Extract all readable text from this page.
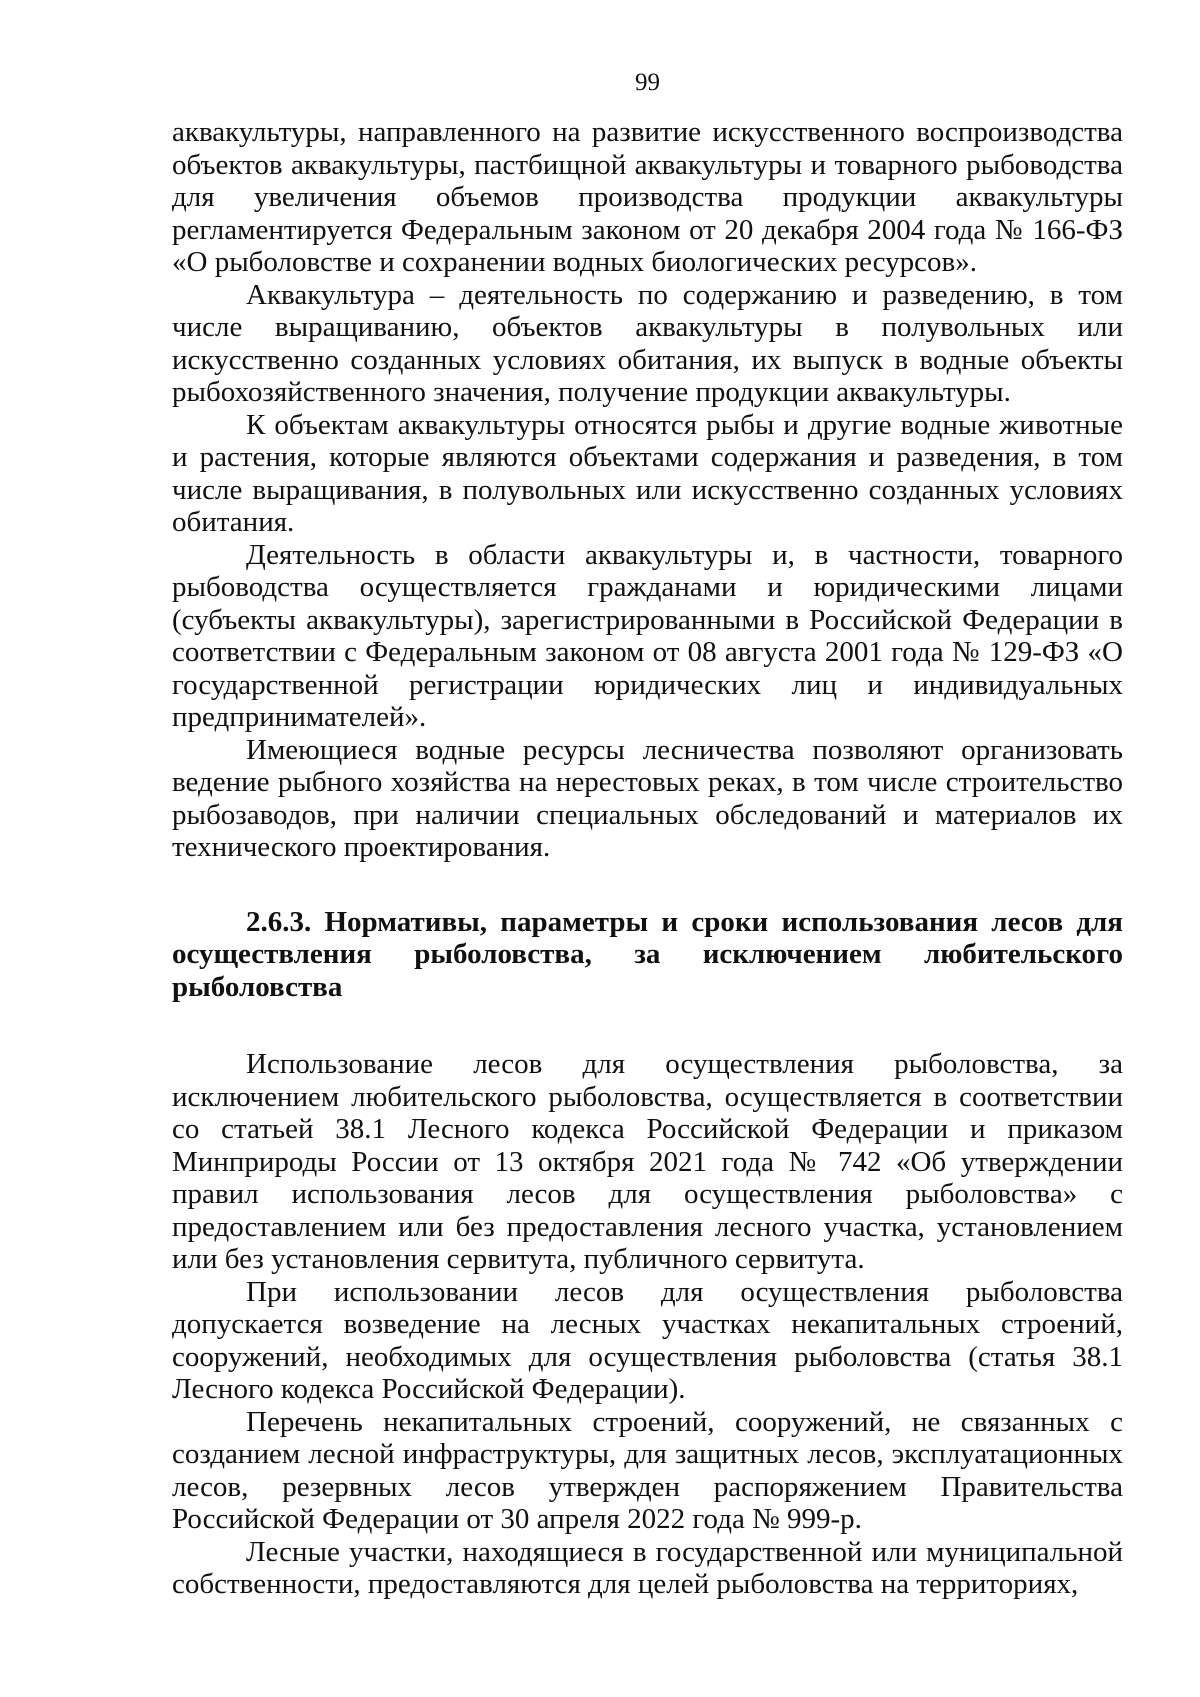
99

аквакультуры, направленного на развитие искусственного воспроизводства объектов аквакультуры, пастбищной аквакультуры и товарного рыбоводства для увеличения объемов производства продукции аквакультуры регламентируется Федеральным законом от 20 декабря 2004 года № 166-ФЗ «О рыболовстве и сохранении водных биологических ресурсов».

Аквакультура – деятельность по содержанию и разведению, в том числе выращиванию, объектов аквакультуры в полувольных или искусственно созданных условиях обитания, их выпуск в водные объекты рыбохозяйственного значения, получение продукции аквакультуры.

К объектам аквакультуры относятся рыбы и другие водные животные и растения, которые являются объектами содержания и разведения, в том числе выращивания, в полувольных или искусственно созданных условиях обитания.

Деятельность в области аквакультуры и, в частности, товарного рыбоводства осуществляется гражданами и юридическими лицами (субъекты аквакультуры), зарегистрированными в Российской Федерации в соответствии с Федеральным законом от 08 августа 2001 года № 129-ФЗ «О государственной регистрации юридических лиц и индивидуальных предпринимателей».

Имеющиеся водные ресурсы лесничества позволяют организовать ведение рыбного хозяйства на нерестовых реках, в том числе строительство рыбозаводов, при наличии специальных обследований и материалов их технического проектирования.

2.6.3. Нормативы, параметры и сроки использования лесов для осуществления рыболовства, за исключением любительского рыболовства

Использование лесов для осуществления рыболовства, за исключением любительского рыболовства, осуществляется в соответствии со статьей 38.1 Лесного кодекса Российской Федерации и приказом Минприроды России от 13 октября 2021 года № 742 «Об утверждении правил использования лесов для осуществления рыболовства» с предоставлением или без предоставления лесного участка, установлением или без установления сервитута, публичного сервитута.

При использовании лесов для осуществления рыболовства допускается возведение на лесных участках некапитальных строений, сооружений, необходимых для осуществления рыболовства (статья 38.1 Лесного кодекса Российской Федерации).

Перечень некапитальных строений, сооружений, не связанных с созданием лесной инфраструктуры, для защитных лесов, эксплуатационных лесов, резервных лесов утвержден распоряжением Правительства Российской Федерации от 30 апреля 2022 года № 999-р.

Лесные участки, находящиеся в государственной или муниципальной собственности, предоставляются для целей рыболовства на территориях,
